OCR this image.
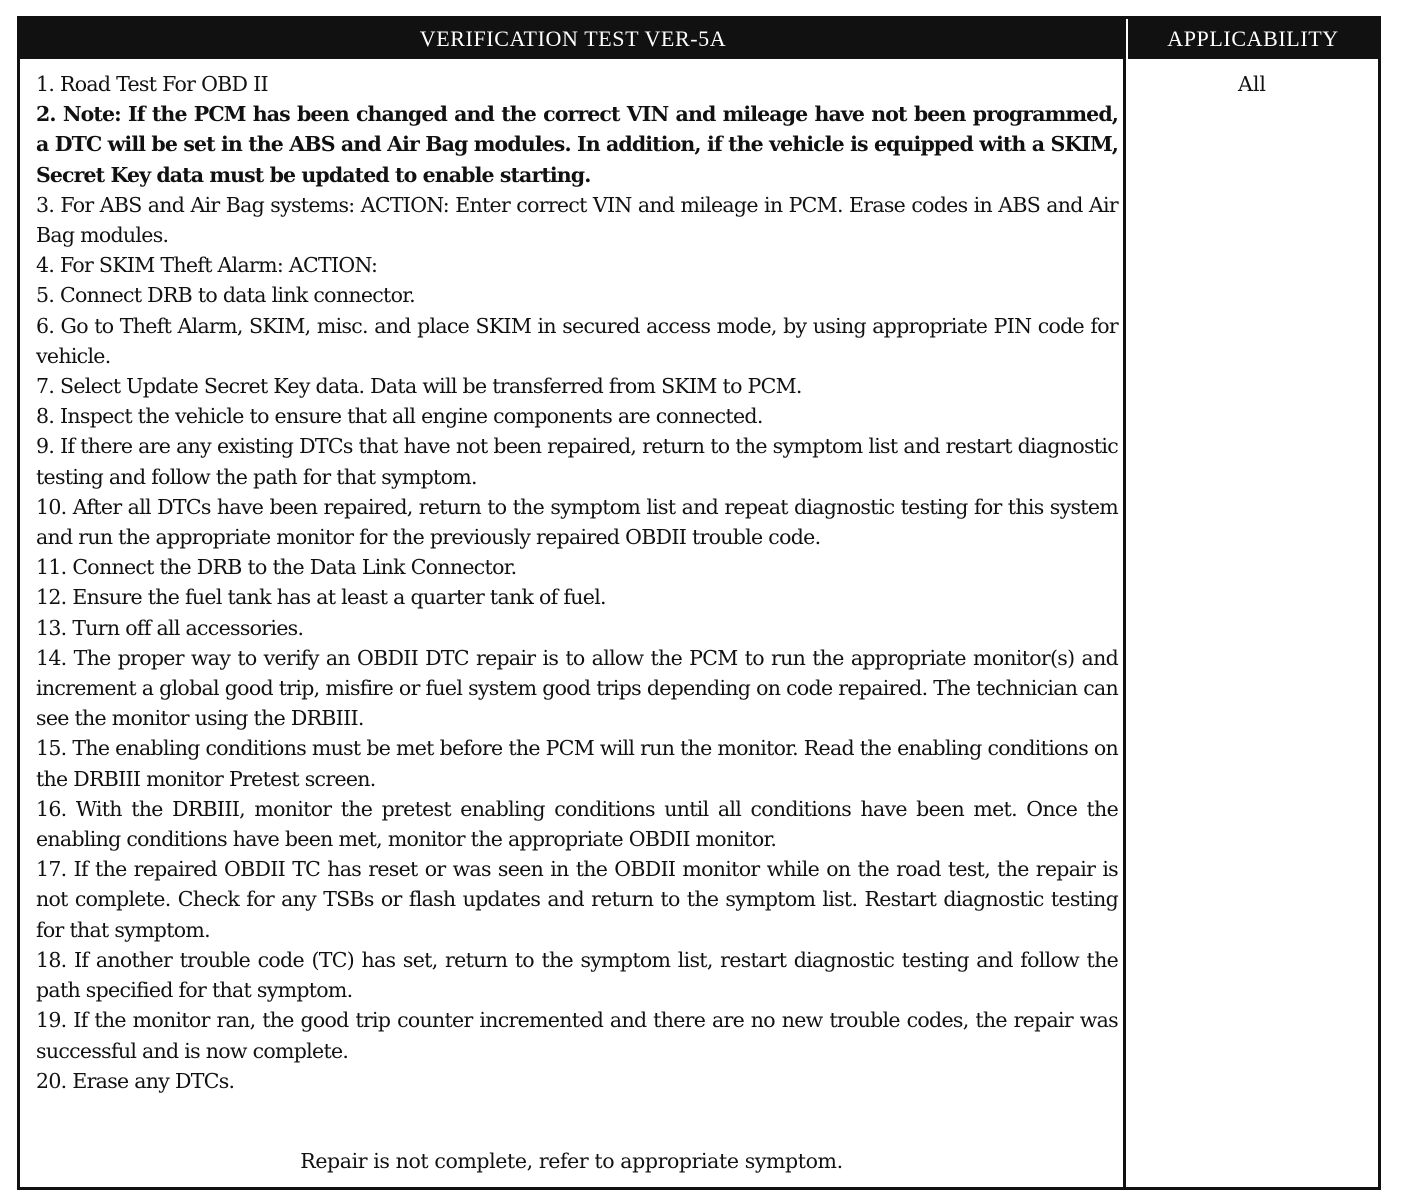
VERIFICATION TEST VER-5A	APPLICABILITY
1. Road Test For OBD II
2. Note: If the PCM has been changed and the correct VIN and mileage have not been programmed, a DTC will be set in the ABS and Air Bag modules. In addition, if the vehicle is equipped with a SKIM, Secret Key data must be updated to enable starting.
3. For ABS and Air Bag systems: ACTION: Enter correct VIN and mileage in PCM. Erase codes in ABS and Air Bag modules.
4. For SKIM Theft Alarm: ACTION:
5. Connect DRB to data link connector.
6. Go to Theft Alarm, SKIM, misc. and place SKIM in secured access mode, by using appropriate PIN code for vehicle.
7. Select Update Secret Key data. Data will be transferred from SKIM to PCM.
8. Inspect the vehicle to ensure that all engine components are connected.
9. If there are any existing DTCs that have not been repaired, return to the symptom list and restart diagnostic testing and follow the path for that symptom.
10. After all DTCs have been repaired, return to the symptom list and repeat diagnostic testing for this system and run the appropriate monitor for the previously repaired OBDII trouble code.
11. Connect the DRB to the Data Link Connector.
12. Ensure the fuel tank has at least a quarter tank of fuel.
13. Turn off all accessories.
14. The proper way to verify an OBDII DTC repair is to allow the PCM to run the appropriate monitor(s) and increment a global good trip, misfire or fuel system good trips depending on code repaired. The technician can see the monitor using the DRBIII.
15. The enabling conditions must be met before the PCM will run the monitor. Read the enabling conditions on the DRBIII monitor Pretest screen.
16. With the DRBIII, monitor the pretest enabling conditions until all conditions have been met. Once the enabling conditions have been met, monitor the appropriate OBDII monitor.
17. If the repaired OBDII TC has reset or was seen in the OBDII monitor while on the road test, the repair is not complete. Check for any TSBs or flash updates and return to the symptom list. Restart diagnostic testing for that symptom.
18. If another trouble code (TC) has set, return to the symptom list, restart diagnostic testing and follow the path specified for that symptom.
19. If the monitor ran, the good trip counter incremented and there are no new trouble codes, the repair was successful and is now complete.
20. Erase any DTCs.
Repair is not complete, refer to appropriate symptom.
All
